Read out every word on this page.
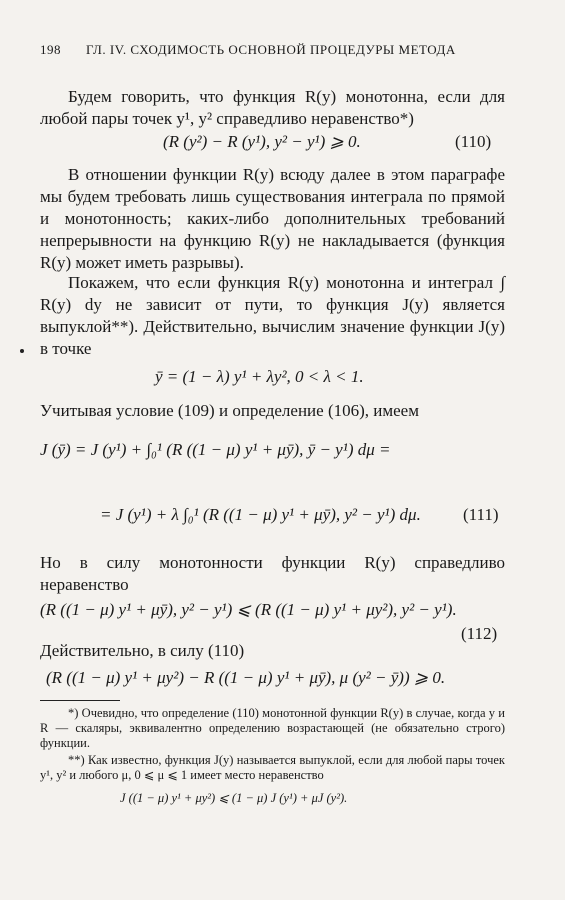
198 ГЛ. IV. СХОДИМОСТЬ ОСНОВНОЙ ПРОЦЕДУРЫ МЕТОДА
Будем говорить, что функция R(y) монотонна, если для любой пары точек y¹, y² справедливо неравенство*)
(R (y²) − R (y¹), y² − y¹) ⩾ 0.	(110)
В отношении функции R(y) всюду далее в этом параграфе мы будем требовать лишь существования интеграла по прямой и монотонность; каких-либо дополнительных требований непрерывности на функцию R(y) не накладывается (функция R(y) может иметь разрывы).
Покажем, что если функция R(y) монотонна и интеграл ∫ R(y) dy не зависит от пути, то функция J(y) является выпуклой**). Действительно, вычислим значение функции J(y) в точке
ȳ = (1 − λ) y¹ + λy², 0 < λ < 1.
Учитывая условие (109) и определение (106), имеем
J (ȳ) = J (y¹) + ∫₀¹ (R ((1 − μ) y¹ + μȳ), ȳ − y¹) dμ =
= J (y¹) + λ ∫₀¹ (R ((1 − μ) y¹ + μȳ), y² − y¹) dμ. (111)
Но в силу монотонности функции R(y) справедливо неравенство
(R ((1 − μ) y¹ + μȳ), y² − y¹) ⩽ (R ((1 − μ) y¹ + μy²), y² − y¹).
(112)
Действительно, в силу (110)
(R ((1 − μ) y¹ + μy²) − R ((1 − μ) y¹ + μȳ), μ (y² − ȳ)) ⩾ 0.
*) Очевидно, что определение (110) монотонной функции R(y) в случае, когда y и R — скаляры, эквивалентно определению возрастающей (не обязательно строго) функции.
**) Как известно, функция J(y) называется выпуклой, если для любой пары точек y¹, y² и любого μ, 0 ⩽ μ ⩽ 1 имеет место неравенство
J ((1 − μ) y¹ + μy²) ⩽ (1 − μ) J (y¹) + μJ (y²).
